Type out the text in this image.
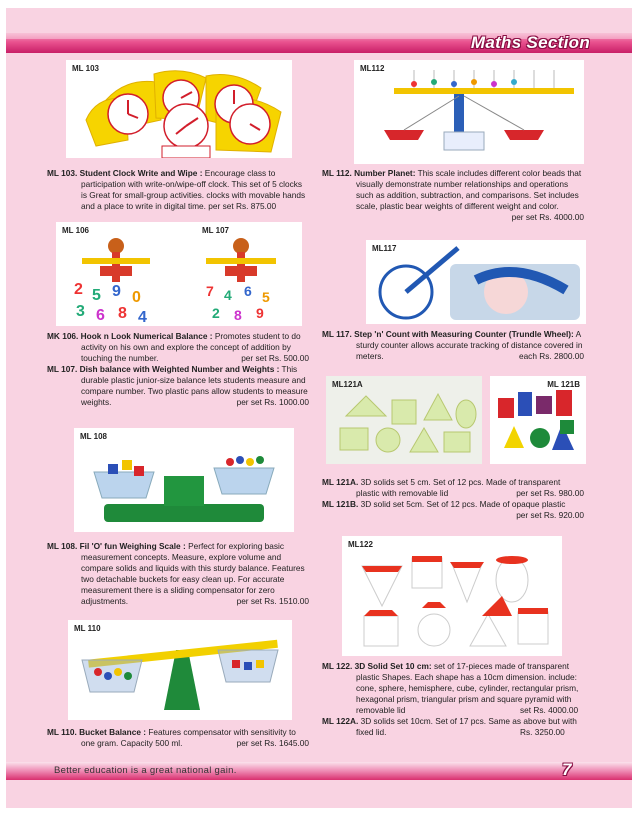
Maths Section
ML 103	ML112
ML 103. Student Clock Write and Wipe : Encourage class to participation with write-on/wipe-off clock. This set of 5 clocks is Great for small-group activities. clocks with movable hands and a place to write in digital time. per set Rs. 875.00
ML 112. Number Planet: This scale includes different color beads that visually demonstrate number relationships and operations such as addition, subtraction, and comparisons. Set includes scale, plastic bear weights of different weight and color.
per set Rs. 4000.00
ML 106	ML 107
2 5 9 0
3 6 8 4
7 4 6 5
2 8 9
ML117
MK 106. Hook n Look Numerical Balance : Promotes student to do activity on his own and explore the concept of addition by touching the number.	per set Rs. 500.00
ML 107. Dish balance with Weighted Number and Weights : This durable plastic junior-size balance lets students measure and compare number. Two plastic pans allow students to measure weights.	per set Rs. 1000.00
ML 117. Step 'n' Count with Measuring Counter (Trundle Wheel): A sturdy counter allows accurate tracking of distance covered in meters.	each Rs. 2800.00
ML121A	ML 121B
ML 108
ML 121A. 3D solids set 5 cm. Set of 12 pcs. Made of transparent plastic with removable lid	per set Rs. 980.00
ML 121B. 3D solid set 5cm. Set of 12 pcs. Made of opaque plastic
per set Rs. 920.00
ML122
ML 108. Fil 'O' fun Weighing Scale : Perfect for exploring basic measurement concepts. Measure, explore volume and compare solids and liquids with this sturdy balance. Features two detachable buckets for easy clean up. For accurate measurement there is a sliding compensator for zero adjustments.	per set Rs. 1510.00
ML 110
ML 122. 3D Solid Set 10 cm: set of 17-pieces made of transparent plastic Shapes. Each shape has a 10cm dimension. include: cone, sphere, hemisphere, cube, cylinder, rectangular prism, hexagonal prism, triangular prism and square pyramid with removable lid	set Rs. 4000.00
ML 122A. 3D solids set 10cm. Set of 17 pcs. Same as above but with fixed lid.	Rs. 3250.00
ML 110. Bucket Balance : Features compensator with sensitivity to one gram. Capacity 500 ml.	per set Rs. 1645.00
Better education is a great national gain.	7
